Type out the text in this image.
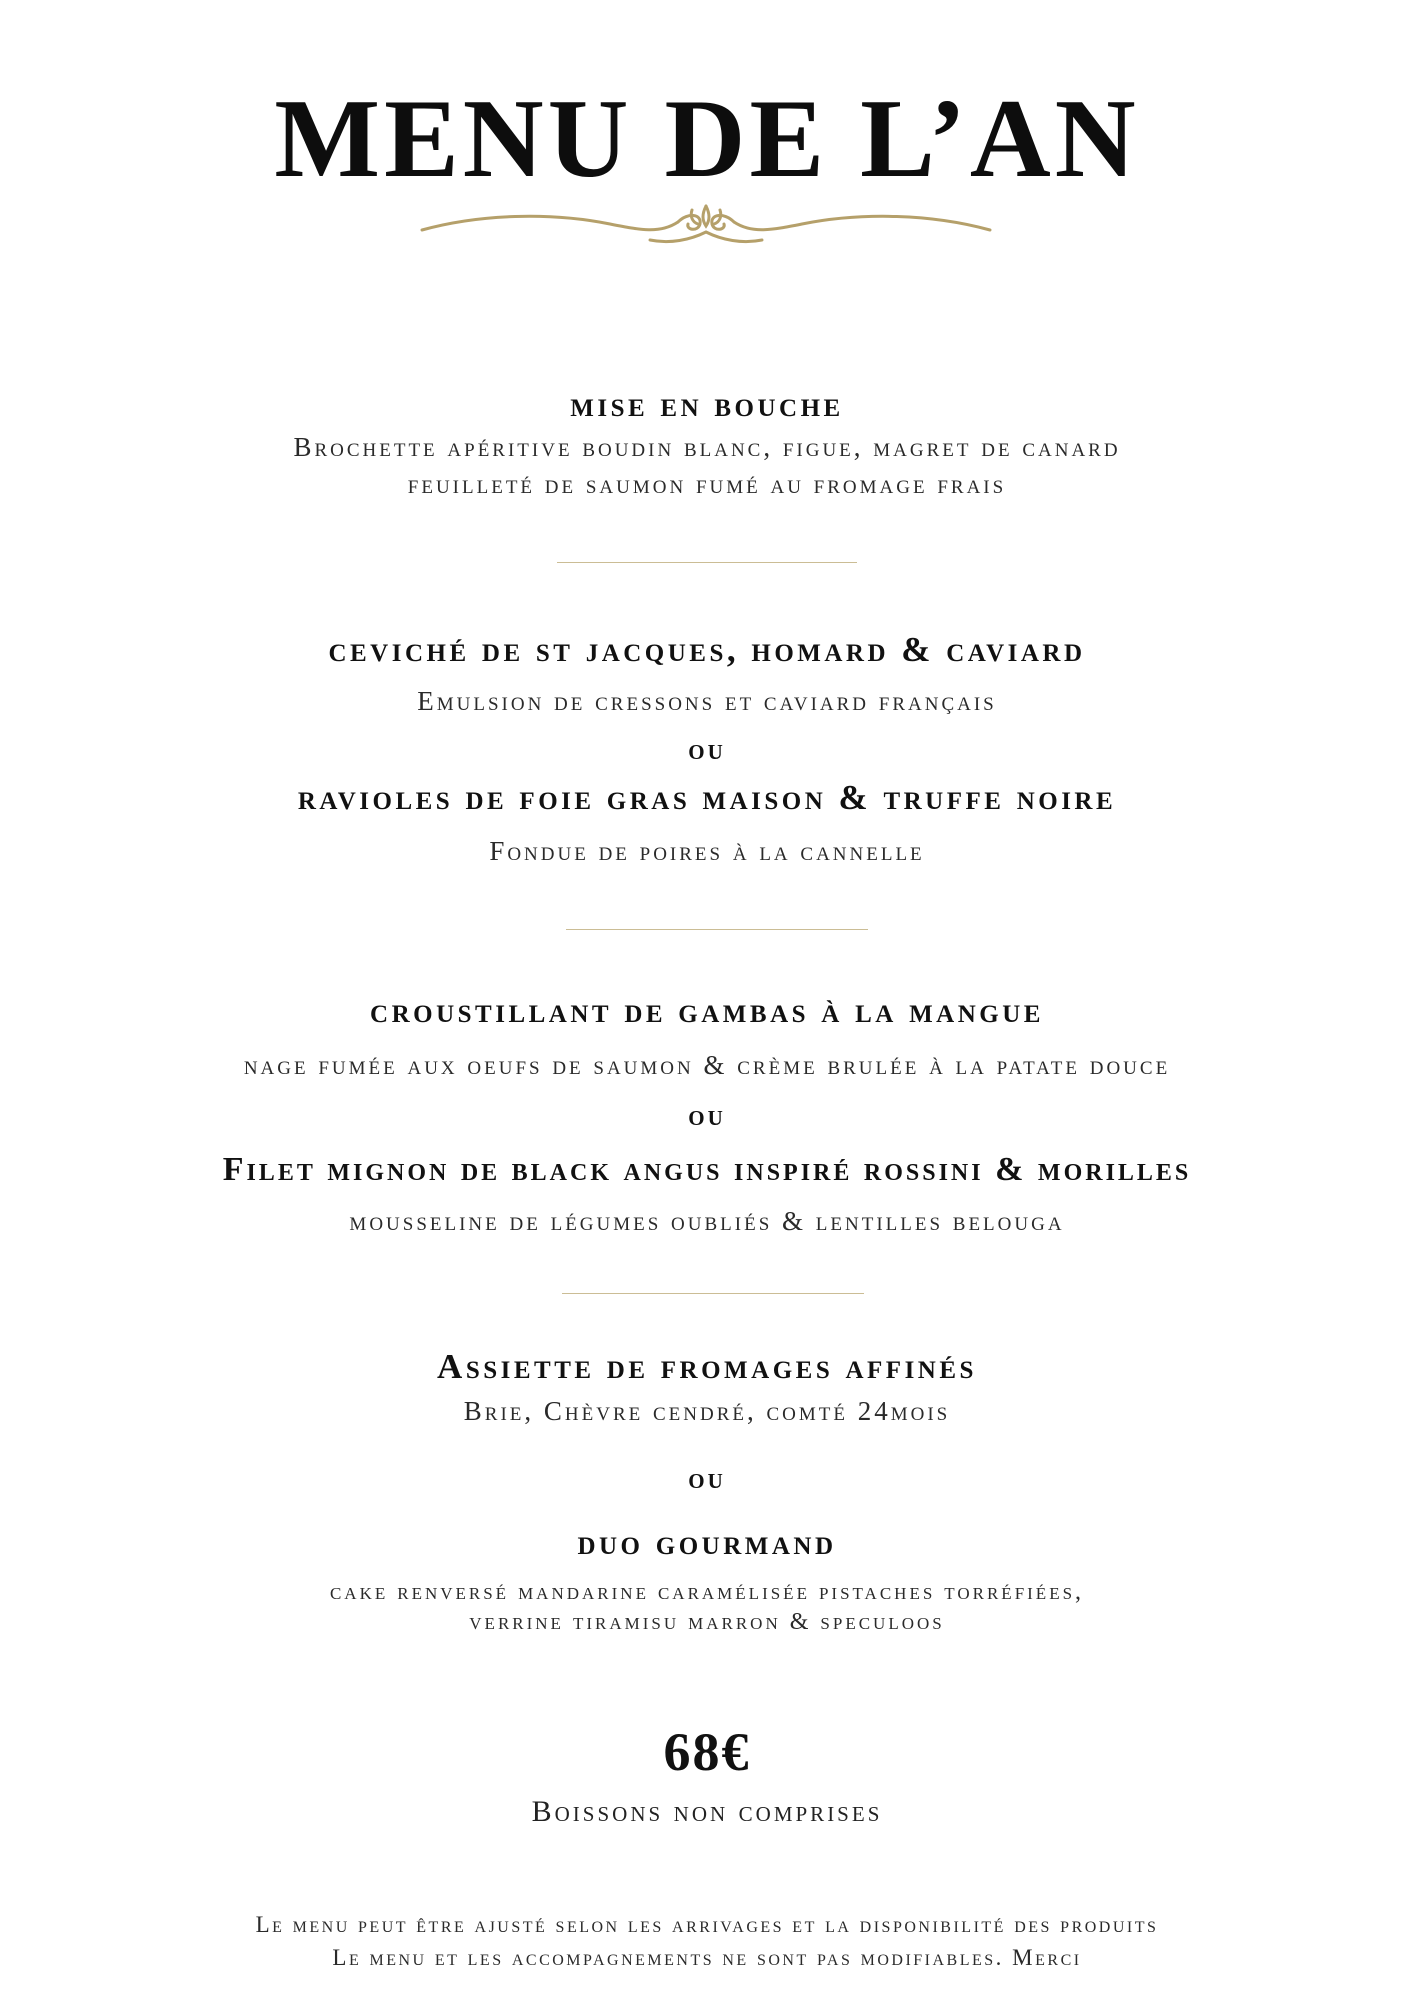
MENU DE L’AN
mise en bouche
Brochette apéritive boudin blanc, figue, magret de canard
feuilleté de saumon fumé au fromage frais
ceviché de st jacques, homard & caviard
Emulsion de cressons et caviard français
ou
ravioles de foie gras maison & truffe noire
Fondue de poires à la cannelle
croustillant de gambas à la mangue
nage fumée aux oeufs de saumon & crème brulée à la patate douce
ou
Filet mignon de black angus inspiré rossini & morilles
mousseline de légumes oubliés & lentilles belouga
Assiette de fromages affinés
Brie, Chèvre cendré, comté 24mois
ou
duo gourmand
cake renversé mandarine caramélisée pistaches torréfiées,
verrine tiramisu marron & speculoos
68€
Boissons non comprises
Le menu peut être ajusté selon les arrivages et la disponibilité des produits
Le menu et les accompagnements ne sont pas modifiables. Merci
